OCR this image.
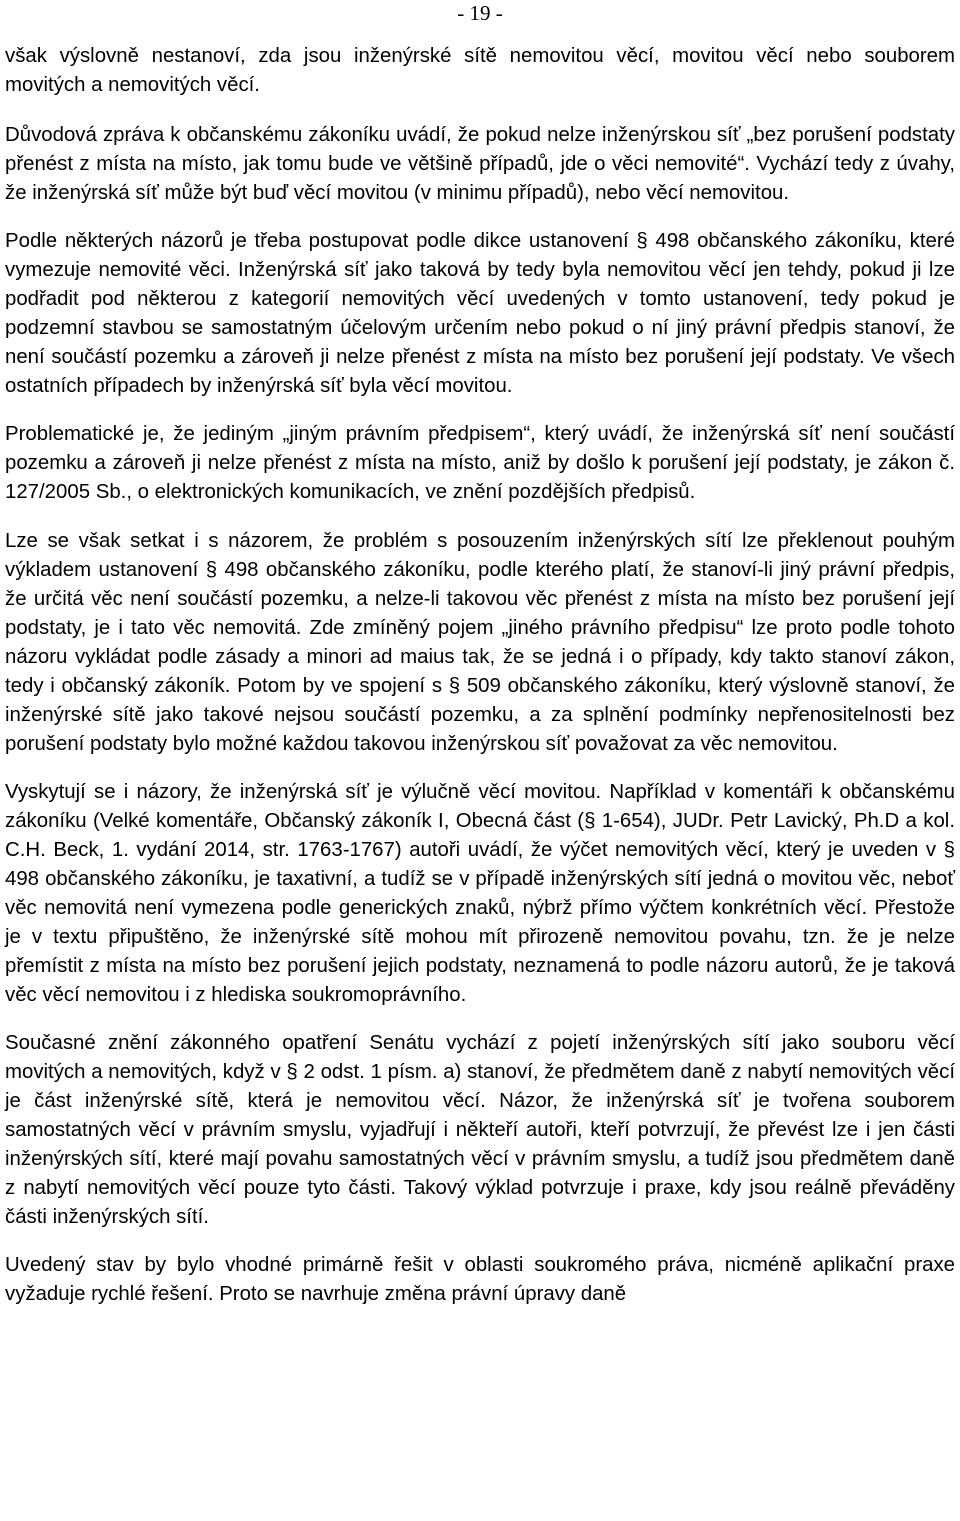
- 19 -

však výslovně nestanoví, zda jsou inženýrské sítě nemovitou věcí, movitou věcí nebo souborem movitých a nemovitých věcí.

Důvodová zpráva k občanskému zákoníku uvádí, že pokud nelze inženýrskou síť „bez porušení podstaty přenést z místa na místo, jak tomu bude ve většině případů, jde o věci nemovité“. Vychází tedy z úvahy, že inženýrská síť může být buď věcí movitou (v minimu případů), nebo věcí nemovitou.

Podle některých názorů je třeba postupovat podle dikce ustanovení § 498 občanského zákoníku, které vymezuje nemovité věci. Inženýrská síť jako taková by tedy byla nemovitou věcí jen tehdy, pokud ji lze podřadit pod některou z kategorií nemovitých věcí uvedených v tomto ustanovení, tedy pokud je podzemní stavbou se samostatným účelovým určením nebo pokud o ní jiný právní předpis stanoví, že není součástí pozemku a zároveň ji nelze přenést z místa na místo bez porušení její podstaty. Ve všech ostatních případech by inženýrská síť byla věcí movitou.

Problematické je, že jediným „jiným právním předpisem“, který uvádí, že inženýrská síť není součástí pozemku a zároveň ji nelze přenést z místa na místo, aniž by došlo k porušení její podstaty, je zákon č. 127/2005 Sb., o elektronických komunikacích, ve znění pozdějších předpisů.

Lze se však setkat i s názorem, že problém s posouzením inženýrských sítí lze překlenout pouhým výkladem ustanovení § 498 občanského zákoníku, podle kterého platí, že stanoví-li jiný právní předpis, že určitá věc není součástí pozemku, a nelze-li takovou věc přenést z místa na místo bez porušení její podstaty, je i tato věc nemovitá. Zde zmíněný pojem „jiného právního předpisu“ lze proto podle tohoto názoru vykládat podle zásady a minori ad maius tak, že se jedná i o případy, kdy takto stanoví zákon, tedy i občanský zákoník. Potom by ve spojení s § 509 občanského zákoníku, který výslovně stanoví, že inženýrské sítě jako takové nejsou součástí pozemku, a za splnění podmínky nepřenositelnosti bez porušení podstaty bylo možné každou takovou inženýrskou síť považovat za věc nemovitou.

Vyskytují se i názory, že inženýrská síť je výlučně věcí movitou. Například v komentáři k občanskému zákoníku (Velké komentáře, Občanský zákoník I, Obecná část (§ 1-654), JUDr. Petr Lavický, Ph.D a kol. C.H. Beck, 1. vydání 2014, str. 1763-1767) autoři uvádí, že výčet nemovitých věcí, který je uveden v § 498 občanského zákoníku, je taxativní, a tudíž se v případě inženýrských sítí jedná o movitou věc, neboť věc nemovitá není vymezena podle generických znaků, nýbrž přímo výčtem konkrétních věcí. Přestože je v textu připuštěno, že inženýrské sítě mohou mít přirozeně nemovitou povahu, tzn. že je nelze přemístit z místa na místo bez porušení jejich podstaty, neznamená to podle názoru autorů, že je taková věc věcí nemovitou i z hlediska soukromoprávního.

Současné znění zákonného opatření Senátu vychází z pojetí inženýrských sítí jako souboru věcí movitých a nemovitých, když v § 2 odst. 1 písm. a) stanoví, že předmětem daně z nabytí nemovitých věcí je část inženýrské sítě, která je nemovitou věcí. Názor, že inženýrská síť je tvořena souborem samostatných věcí v právním smyslu, vyjadřují i někteří autoři, kteří potvrzují, že převést lze i jen části inženýrských sítí, které mají povahu samostatných věcí v právním smyslu, a tudíž jsou předmětem daně z nabytí nemovitých věcí pouze tyto části. Takový výklad potvrzuje i praxe, kdy jsou reálně převáděny části inženýrských sítí.

Uvedený stav by bylo vhodné primárně řešit v oblasti soukromého práva, nicméně aplikační praxe vyžaduje rychlé řešení. Proto se navrhuje změna právní úpravy daně
